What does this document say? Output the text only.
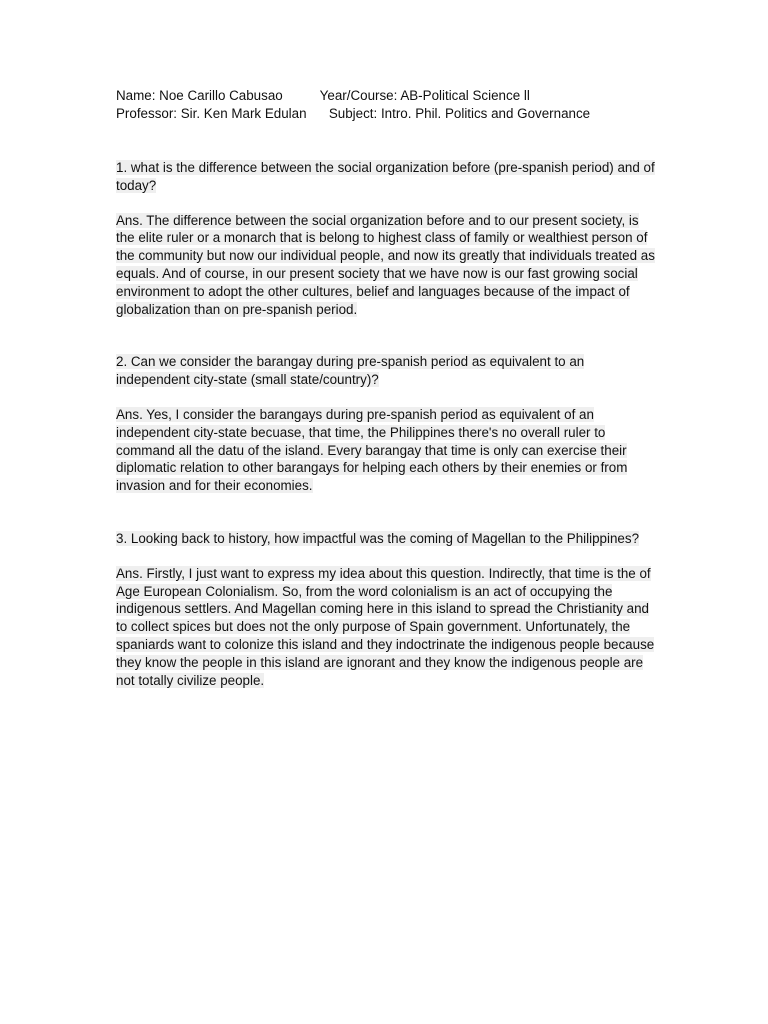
Name: Noe Carillo Cabusao          Year/Course: AB-Political Science ll

Professor: Sir. Ken Mark Edulan      Subject: Intro. Phil. Politics and Governance

1. what is the difference between the social organization before (pre-spanish period) and of today?

Ans. The difference between the social organization before and to our present society, is the elite ruler or a monarch that is belong to highest class of family or wealthiest person of the community but now our individual people, and now its greatly that individuals treated as equals. And of course, in our present society that we have now is our fast growing social environment to adopt the other cultures, belief and languages because of the impact of globalization than on pre-spanish period.

2. Can we consider the barangay during pre-spanish period as equivalent to an independent city-state (small state/country)?

Ans. Yes, I consider the barangays during pre-spanish period as equivalent of an independent city-state becuase, that time, the Philippines there's no overall ruler to command all the datu of the island. Every barangay that time is only can exercise their diplomatic relation to other barangays for helping each others by their enemies or from invasion and for their economies.

3. Looking back to history, how impactful was the coming of Magellan to the Philippines?

Ans. Firstly, I just want to express my idea about this question. Indirectly, that time is the of Age European Colonialism. So, from the word colonialism is an act of occupying the indigenous settlers. And Magellan coming here in this island to spread the Christianity and to collect spices but does not the only purpose of Spain government. Unfortunately, the spaniards want to colonize this island and they indoctrinate the indigenous people because they know the people in this island are ignorant and they know the indigenous people are not totally civilize people.
